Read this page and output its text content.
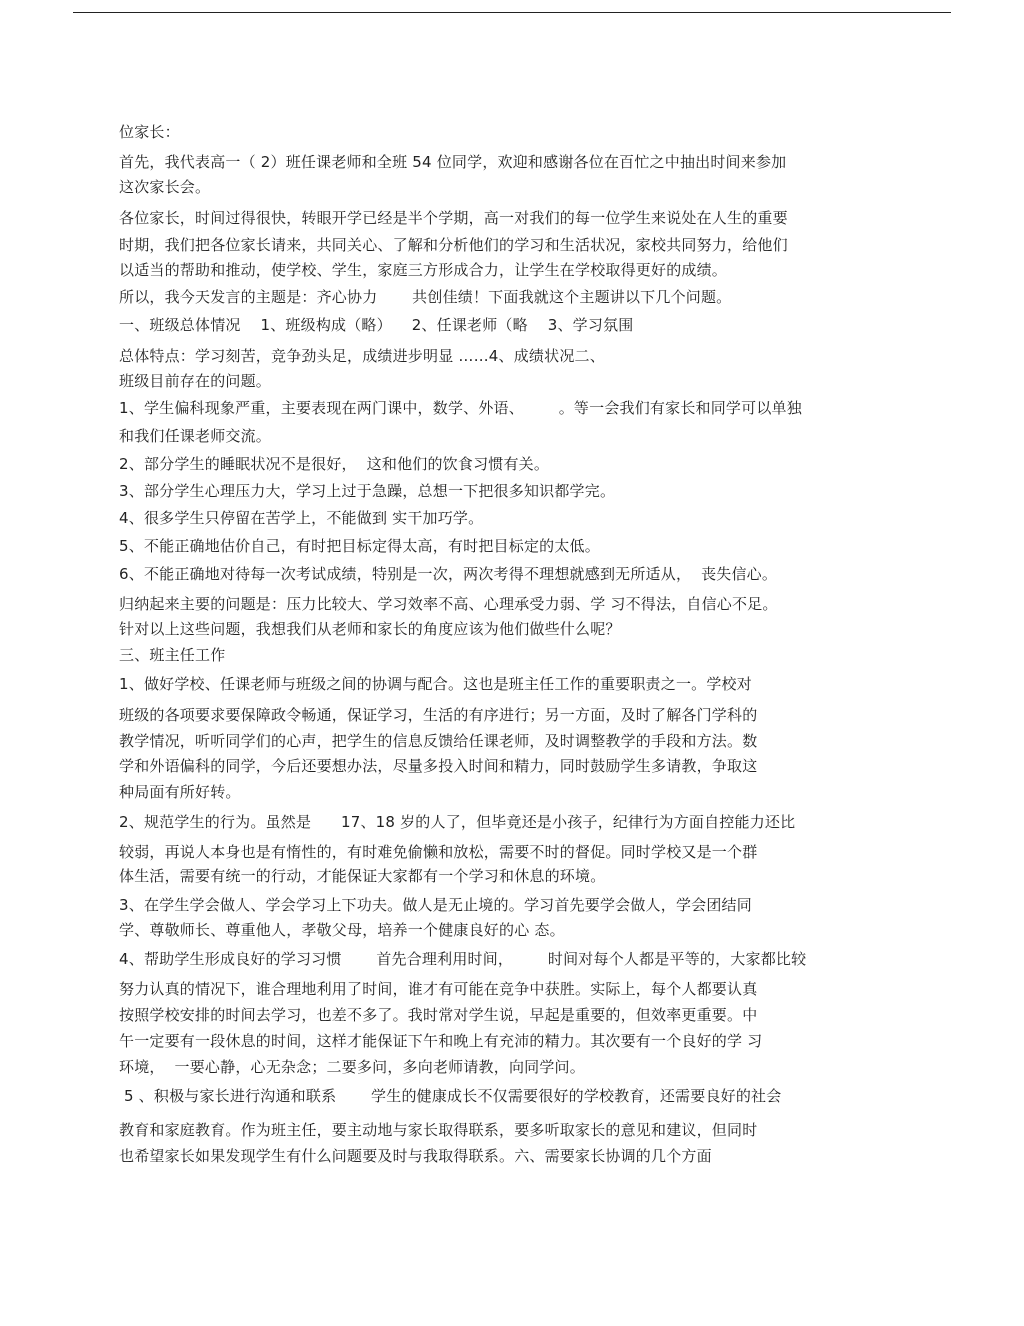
位家长：
首先，我代表高一（ 2）班任课老师和全班 54 位同学，欢迎和感谢各位在百忙之中抽出时间来参加
这次家长会。
各位家长，时间过得很快，转眼开学已经是半个学期，高一对我们的每一位学生来说处在人生的重要
时期，我们把各位家长请来，共同关心、了解和分析他们的学习和生活状况，家校共同努力，给他们
以适当的帮助和推动，使学校、学生，家庭三方形成合力，让学生在学校取得更好的成绩。
所以，我今天发言的主题是：齐心协力       共创佳绩！下面我就这个主题讲以下几个问题。
一、班级总体情况    1、班级构成（略）    2、任课老师（略    3、学习氛围
总体特点：学习刻苦，竞争劲头足，成绩进步明显 ……4、成绩状况二、
班级目前存在的问题。
1、学生偏科现象严重，主要表现在两门课中，数学、外语、       。等一会我们有家长和同学可以单独
和我们任课老师交流。
2、部分学生的睡眠状况不是很好，  这和他们的饮食习惯有关。
3、部分学生心理压力大，学习上过于急躁，总想一下把很多知识都学完。
4、很多学生只停留在苦学上，不能做到 实干加巧学。
5、不能正确地估价自己，有时把目标定得太高，有时把目标定的太低。
6、不能正确地对待每一次考试成绩，特别是一次，两次考得不理想就感到无所适从，  丧失信心。
归纳起来主要的问题是：压力比较大、学习效率不高、心理承受力弱、学 习不得法，自信心不足。
针对以上这些问题，我想我们从老师和家长的角度应该为他们做些什么呢？
三、班主任工作
1、做好学校、任课老师与班级之间的协调与配合。这也是班主任工作的重要职责之一。学校对
班级的各项要求要保障政令畅通，保证学习，生活的有序进行；另一方面，及时了解各门学科的
教学情况，听听同学们的心声，把学生的信息反馈给任课老师，及时调整教学的手段和方法。数
学和外语偏科的同学，今后还要想办法，尽量多投入时间和精力，同时鼓励学生多请教，争取这
种局面有所好转。
2、规范学生的行为。虽然是      17、18 岁的人了，但毕竟还是小孩子，纪律行为方面自控能力还比
较弱，再说人本身也是有惰性的，有时难免偷懒和放松，需要不时的督促。同时学校又是一个群
体生活，需要有统一的行动，才能保证大家都有一个学习和休息的环境。
3、在学生学会做人、学会学习上下功夫。做人是无止境的。学习首先要学会做人，学会团结同
学、尊敬师长、尊重他人，孝敬父母，培养一个健康良好的心 态。
4、帮助学生形成良好的学习习惯       首先合理利用时间，       时间对每个人都是平等的，大家都比较
努力认真的情况下，谁合理地利用了时间，谁才有可能在竞争中获胜。实际上，每个人都要认真
按照学校安排的时间去学习，也差不多了。我时常对学生说，早起是重要的，但效率更重要。中
午一定要有一段休息的时间，这样才能保证下午和晚上有充沛的精力。其次要有一个良好的学 习
环境，  一要心静，心无杂念；二要多问，多向老师请教，向同学问。
5 、积极与家长进行沟通和联系       学生的健康成长不仅需要很好的学校教育，还需要良好的社会
教育和家庭教育。作为班主任，要主动地与家长取得联系，要多听取家长的意见和建议，但同时
也希望家长如果发现学生有什么问题要及时与我取得联系。六、需要家长协调的几个方面
